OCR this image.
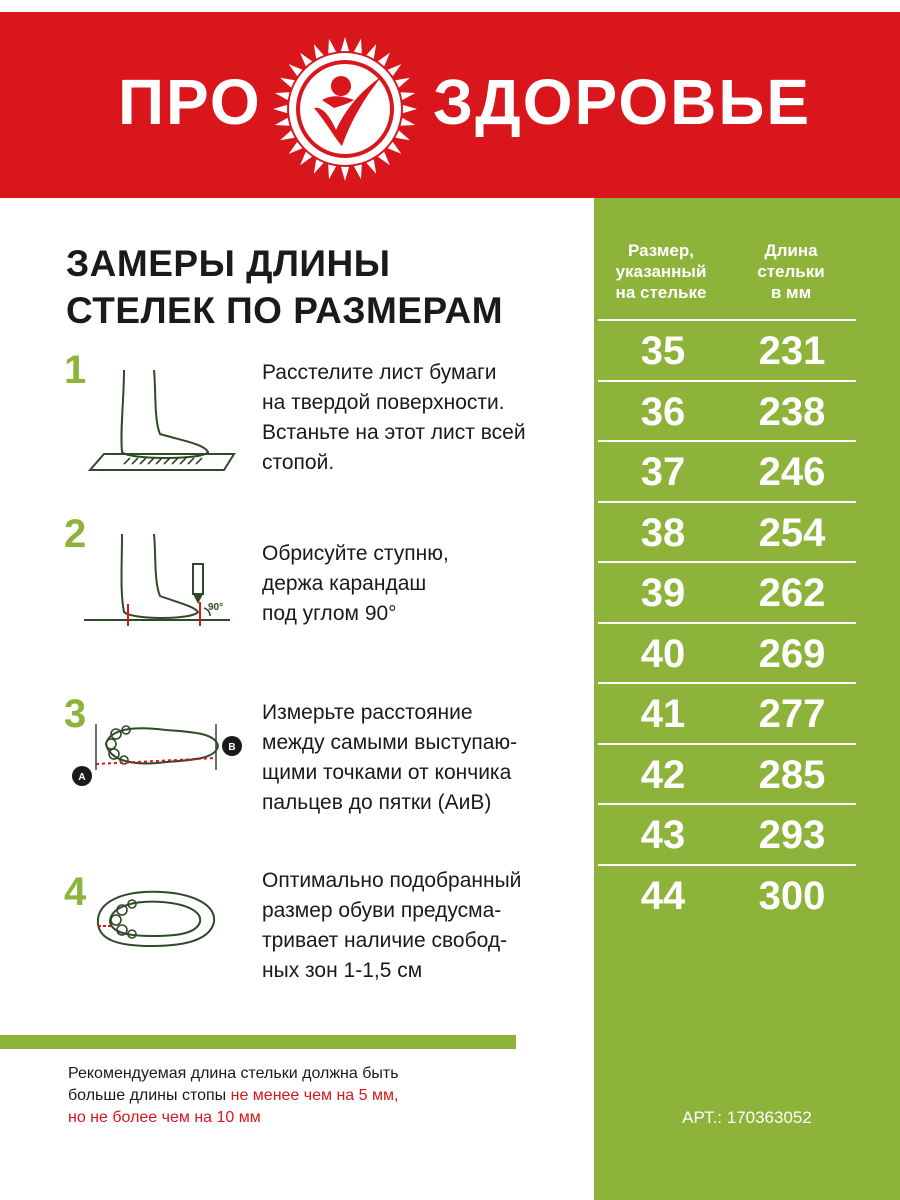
ПРО	ЗДОРОВЬЕ
ЗАМЕРЫ ДЛИНЫ
СТЕЛЕК ПО РАЗМЕРАМ
1	Расстелите лист бумаги
на твердой поверхности.
Встаньте на этот лист всей
стопой.
2
90°
Обрисуйте ступню,
держа карандаш
под углом 90°
3
A
B
Измерьте расстояние
между самыми выступаю-
щими точками от кончика
пальцев до пятки (АиВ)
4	Оптимально подобранный
размер обуви предусма-
тривает наличие свобод-
ных зон 1-1,5 см
Рекомендуемая длина стельки должна быть
больше длины стопы не менее чем на 5 мм,
но не более чем на 10 мм
Размер,
указанный
на стельке
Длина
стельки
в мм
35	231
36	238
37	246
38	254
39	262
40	269
41	277
42	285
43	293
44	300
АРТ.: 170363052
